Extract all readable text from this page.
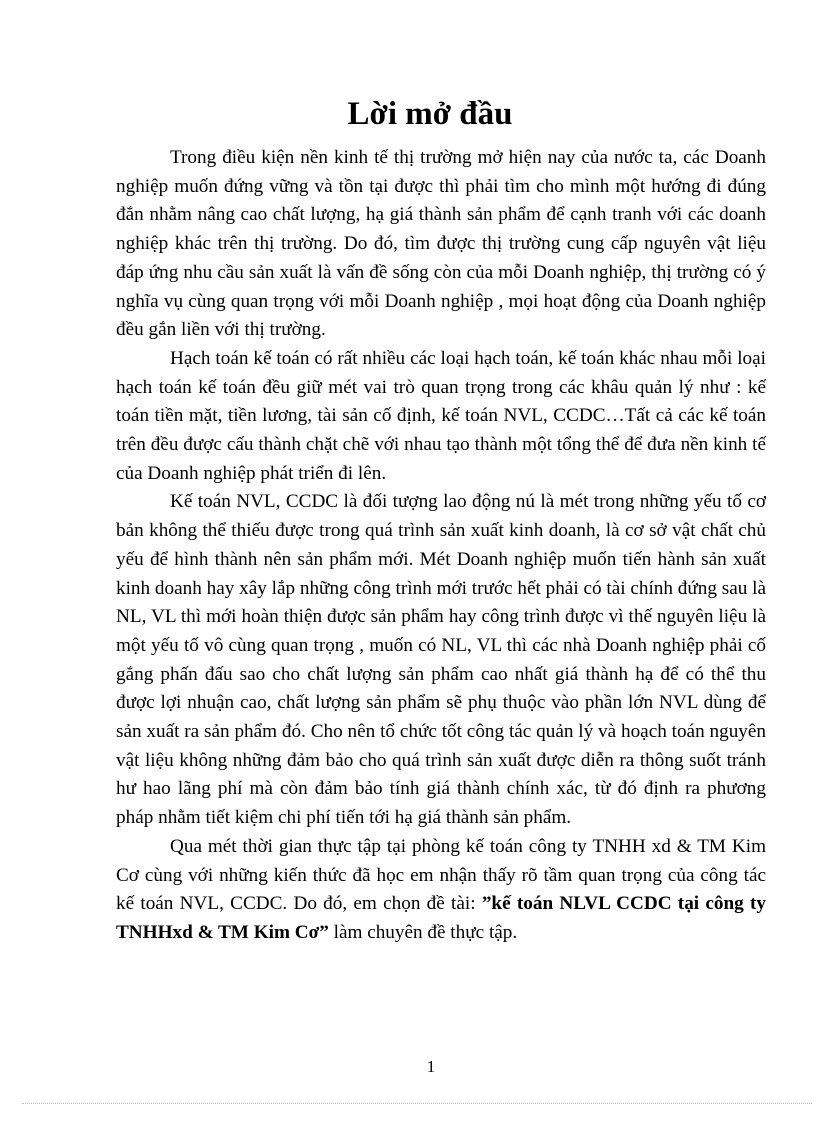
Lời mở đầu

Trong điều kiện nền kinh tế thị trường mở hiện nay của nước ta, các Doanh nghiệp muốn đứng vững và tồn tại được thì phải tìm cho mình một hướng đi đúng đắn nhằm nâng cao chất lượng, hạ giá thành sản phẩm để cạnh tranh với các doanh nghiệp khác trên thị trường. Do đó, tìm được thị trường cung cấp nguyên vật liệu đáp ứng nhu cầu sản xuất là vấn đề sống còn của mỗi Doanh nghiệp, thị trường có ý nghĩa vụ cùng quan trọng với mỗi Doanh nghiệp , mọi hoạt động của Doanh nghiệp đều gắn liền với thị trường.

Hạch toán kế toán có rất nhiều các loại hạch toán, kế toán khác nhau mỗi loại hạch toán kế toán đều giữ mét vai trò quan trọng trong các khâu quản lý như : kế toán tiền mặt, tiền lương, tài sản cố định, kế toán NVL, CCDC…Tất cả các kế toán trên đều được cấu thành chặt chẽ với nhau tạo thành một tổng thể để đưa nền kinh tế của Doanh nghiệp phát triển đi lên.

Kế toán NVL, CCDC là đối tượng lao động nú là mét trong những yếu tố cơ bản không thể thiếu được trong quá trình sản xuất kinh doanh, là cơ sở vật chất chủ yếu để hình thành nên sản phẩm mới. Mét Doanh nghiệp muốn tiến hành sản xuất kinh doanh hay xây lắp những công trình mới trước hết phải có tài chính đứng sau là NL, VL thì mới hoàn thiện được sản phẩm hay công trình được vì thế nguyên liệu là một yếu tố vô cùng quan trọng , muốn có NL, VL thì các nhà Doanh nghiệp phải cố gắng phấn đấu sao cho chất lượng sản phẩm cao nhất giá thành hạ để có thể thu được lợi nhuận cao, chất lượng sản phẩm sẽ phụ thuộc vào phần lớn NVL dùng để sản xuất ra sản phẩm đó. Cho nên tổ chức tốt công tác quản lý và hoạch toán nguyên vật liệu không những đảm bảo cho quá trình sản xuất được diễn ra thông suốt tránh hư hao lãng phí mà còn đảm bảo tính giá thành chính xác, từ đó định ra phương pháp nhằm tiết kiệm chi phí tiến tới hạ giá thành sản phẩm.

Qua mét thời gian thực tập tại phòng kế toán công ty TNHH xd & TM Kim Cơ cùng với những kiến thức đã học em nhận thấy rõ tầm quan trọng của công tác kế toán NVL, CCDC. Do đó, em chọn đề tài: ”kế toán NLVL CCDC tại công ty TNHHxd & TM Kim Cơ” làm chuyên đề thực tập.

1
